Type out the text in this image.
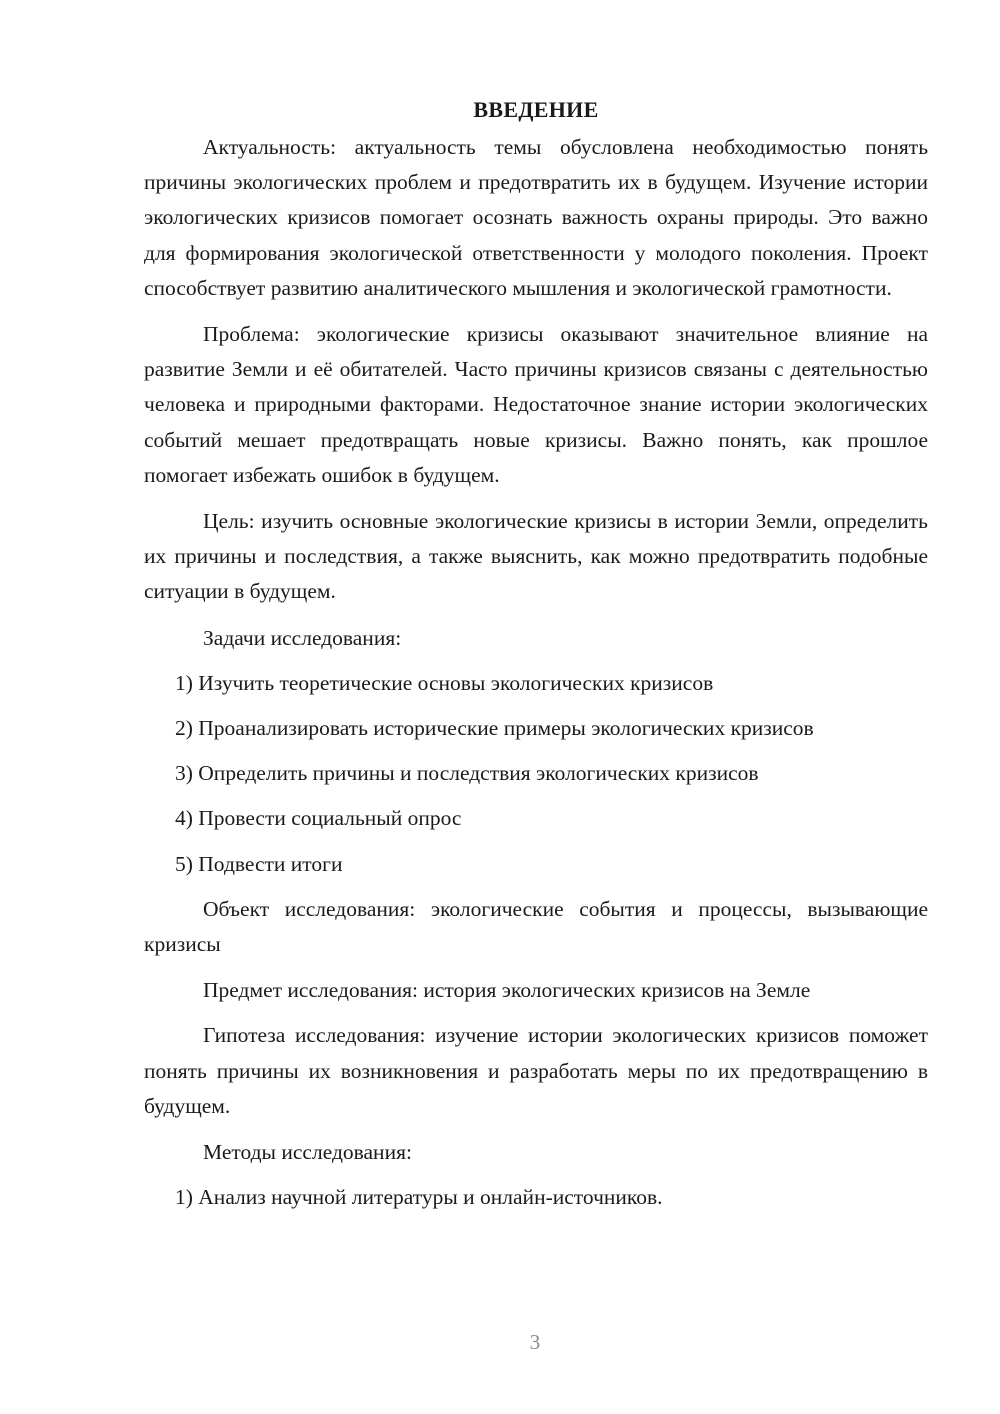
ВВЕДЕНИЕ

Актуальность: актуальность темы обусловлена необходимостью понять причины экологических проблем и предотвратить их в будущем. Изучение истории экологических кризисов помогает осознать важность охраны природы. Это важно для формирования экологической ответственности у молодого поколения. Проект способствует развитию аналитического мышления и экологической грамотности.

Проблема: экологические кризисы оказывают значительное влияние на развитие Земли и её обитателей. Часто причины кризисов связаны с деятельностью человека и природными факторами. Недостаточное знание истории экологических событий мешает предотвращать новые кризисы. Важно понять, как прошлое помогает избежать ошибок в будущем.

Цель: изучить основные экологические кризисы в истории Земли, определить их причины и последствия, а также выяснить, как можно предотвратить подобные ситуации в будущем.

Задачи исследования:

1) Изучить теоретические основы экологических кризисов

2) Проанализировать исторические примеры экологических кризисов

3) Определить причины и последствия экологических кризисов

4) Провести социальный опрос

5) Подвести итоги

Объект исследования: экологические события и процессы, вызывающие кризисы

Предмет исследования: история экологических кризисов на Земле

Гипотеза исследования: изучение истории экологических кризисов поможет понять причины их возникновения и разработать меры по их предотвращению в будущем.

Методы исследования:

1) Анализ научной литературы и онлайн-источников.

3
